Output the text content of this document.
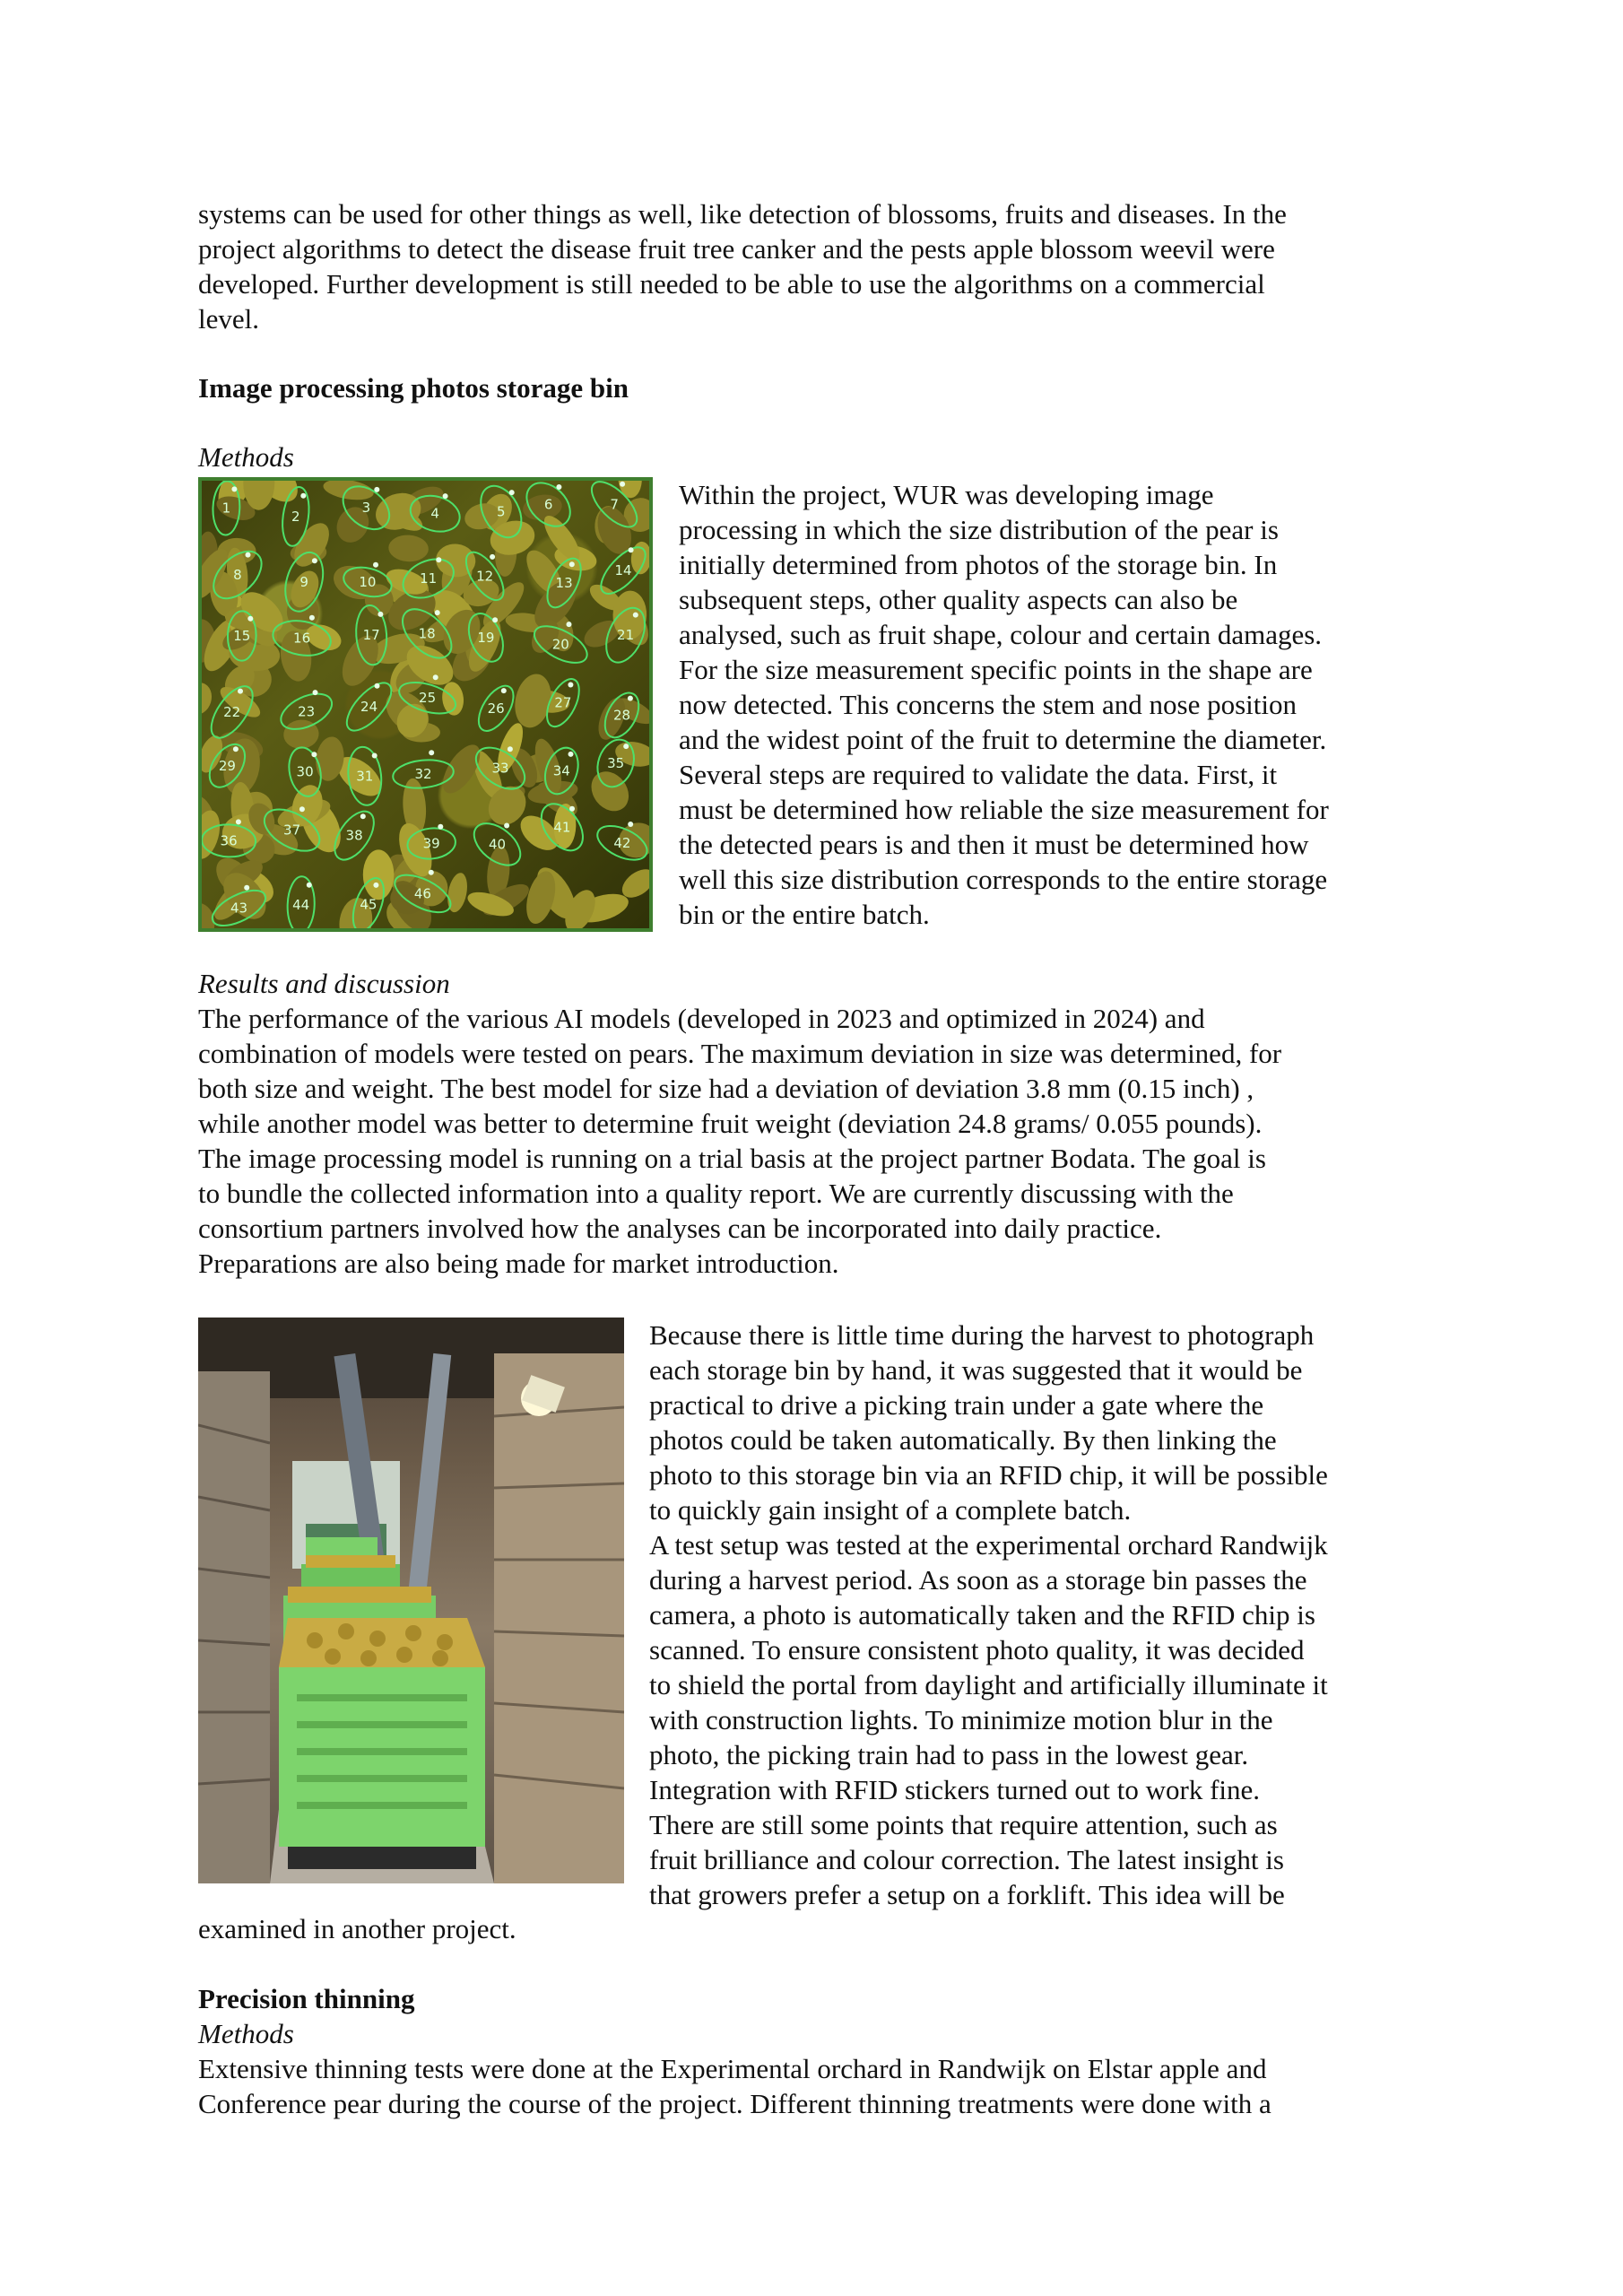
systems can be used for other things as well, like detection of blossoms, fruits and diseases. In the
project algorithms to detect the disease fruit tree canker and the pests apple blossom weevil were
developed. Further development is still needed to be able to use the algorithms on a commercial
level.

Image processing photos storage bin

Methods

1
2
3	4	5	6	7
8	9	10	11	12	13
14
15	16	17	18	19	20
21
22	23	24
25
26	27
28
29	30	31	32	33	34	35
36
37	38	39	40
41
42
43	44	45
46

Within the project, WUR was developing image
processing in which the size distribution of the pear is
initially determined from photos of the storage bin. In
subsequent steps, other quality aspects can also be
analysed, such as fruit shape, colour and certain damages.
For the size measurement specific points in the shape are
now detected. This concerns the stem and nose position
and the widest point of the fruit to determine the diameter.
Several steps are required to validate the data. First, it
must be determined how reliable the size measurement for
the detected pears is and then it must be determined how
well this size distribution corresponds to the entire storage
bin or the entire batch.

Results and discussion

The performance of the various AI models (developed in 2023 and optimized in 2024) and
combination of models were tested on pears. The maximum deviation in size was determined, for
both size and weight. The best model for size had a deviation of deviation 3.8 mm (0.15 inch) ,
while another model was better to determine fruit weight (deviation 24.8 grams/ 0.055 pounds).
The image processing model is running on a trial basis at the project partner Bodata. The goal is
to bundle the collected information into a quality report. We are currently discussing with the
consortium partners involved how the analyses can be incorporated into daily practice.
Preparations are also being made for market introduction.

Because there is little time during the harvest to photograph
each storage bin by hand, it was suggested that it would be
practical to drive a picking train under a gate where the
photos could be taken automatically. By then linking the
photo to this storage bin via an RFID chip, it will be possible
to quickly gain insight of a complete batch.
A test setup was tested at the experimental orchard Randwijk
during a harvest period. As soon as a storage bin passes the
camera, a photo is automatically taken and the RFID chip is
scanned. To ensure consistent photo quality, it was decided
to shield the portal from daylight and artificially illuminate it
with construction lights. To minimize motion blur in the
photo, the picking train had to pass in the lowest gear.
Integration with RFID stickers turned out to work fine.
There are still some points that require attention, such as
fruit brilliance and colour correction. The latest insight is
that growers prefer a setup on a forklift. This idea will be

examined in another project.

Precision thinning

Methods

Extensive thinning tests were done at the Experimental orchard in Randwijk on Elstar apple and
Conference pear during the course of the project. Different thinning treatments were done with a
